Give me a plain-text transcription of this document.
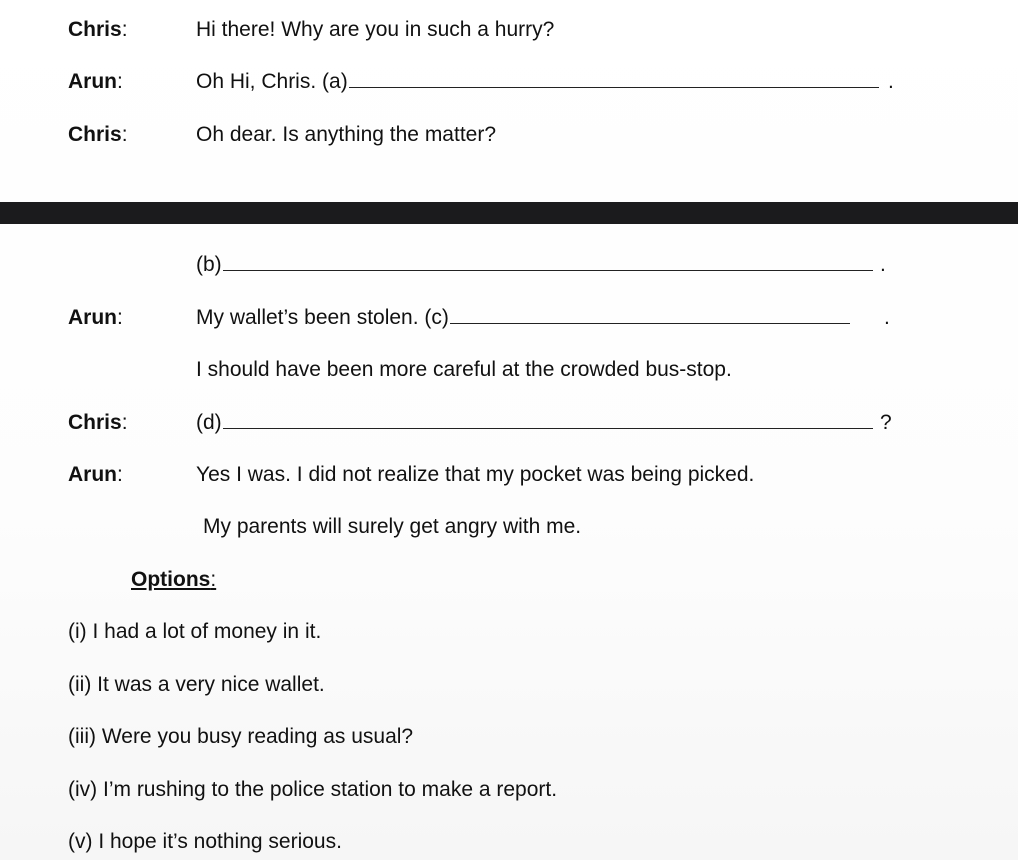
Chris:	Hi there! Why are you in such a hurry?
Arun:	Oh Hi, Chris. (a)	.
Chris:	Oh dear. Is anything the matter?
(b)	.
Arun:	My wallet’s been stolen. (c)	.
I should have been more careful at the crowded bus-stop.
Chris:	(d)	?
Arun:	Yes I was. I did not realize that my pocket was being picked.
My parents will surely get angry with me.
Options:
(i) I had a lot of money in it.
(ii) It was a very nice wallet.
(iii) Were you busy reading as usual?
(iv) I’m rushing to the police station to make a report.
(v) I hope it’s nothing serious.
